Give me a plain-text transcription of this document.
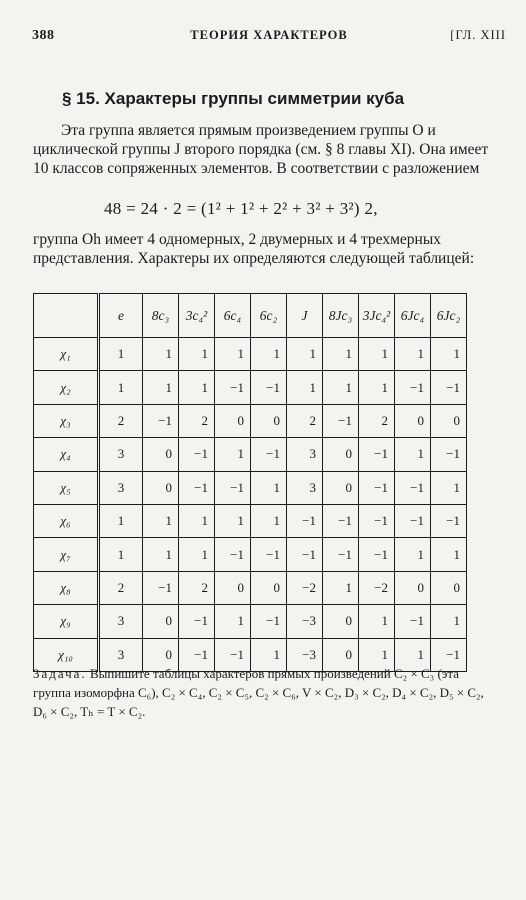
388	ТЕОРИЯ ХАРАКТЕРОВ	[ГЛ. XIII
§ 15. Характеры группы симметрии куба
Эта группа является прямым произведением группы O и циклической группы J второго порядка (см. § 8 главы XI). Она имеет 10 классов сопряженных элементов. В соответствии с разложением
48 = 24 · 2 = (1² + 1² + 2² + 3² + 3²) 2,
группа Oh имеет 4 одномерных, 2 двумерных и 4 трехмерных представления. Характеры их определяются следующей таблицей:
	e	8c₃	3c₄²	6c₄	6c₂	J	8Jc₃	3Jc₄²	6Jc₄	6Jc₂
χ₁	1	1	1	1	1	1	1	1	1	1
χ₂	1	1	1	−1	−1	1	1	1	−1	−1
χ₃	2	−1	2	0	0	2	−1	2	0	0
χ₄	3	0	−1	1	−1	3	0	−1	1	−1
χ₅	3	0	−1	−1	1	3	0	−1	−1	1
χ₆	1	1	1	1	1	−1	−1	−1	−1	−1
χ₇	1	1	1	−1	−1	−1	−1	−1	1	1
χ₈	2	−1	2	0	0	−2	1	−2	0	0
χ₉	3	0	−1	1	−1	−3	0	1	−1	1
χ₁₀	3	0	−1	−1	1	−3	0	1	1	−1
Задача. Выпишите таблицы характеров прямых произведений C₂ × C₃ (эта группа изоморфна C₆), C₂ × C₄, C₂ × C₅, C₂ × C₆, V × C₂, D₃ × C₂, D₄ × C₂, D₅ × C₂, D₆ × C₂, Tₕ = T × C₂.
